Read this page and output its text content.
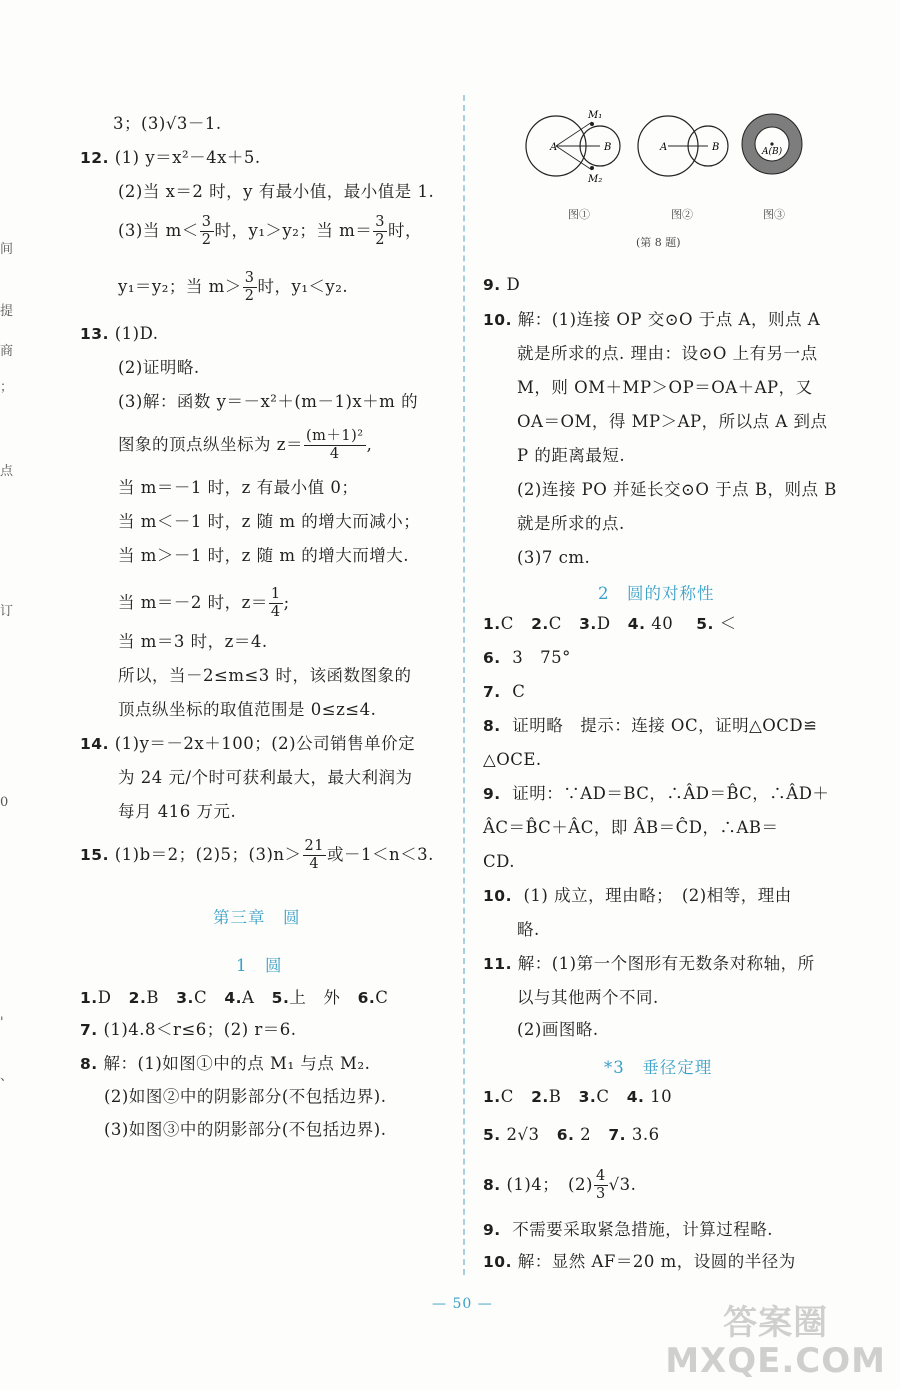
3；(3)√3－1.
12. (1) y＝x²－4x＋5.
(2)当 x＝2 时，y 有最小值，最小值是 1.
(3)当 $m< \frac{3}{2}$ 时，y₁＞y₂；当 $m= \frac{3}{2}$ 时，
y₁＝y₂；当 $m> \frac{3}{2}$ 时，y₁＜y₂.
13. (1)D.
(2)证明略.
(3)解：函数 y＝－x²＋(m－1)x＋m 的
图象的顶点纵坐标为 $z= \frac{\text{(m＋1)²}}{4}$ ,
当 m＝－1 时，z 有最小值 0；
当 m＜－1 时，z 随 m 的增大而减小；
当 m＞－1 时，z 随 m 的增大而增大.
当 m＝－2 时，$z= \frac{1}{4}$ ;
当 m＝3 时，z＝4.
所以，当－2≤m≤3 时，该函数图象的
顶点纵坐标的取值范围是 0≤z≤4.
14. (1)y＝－2x＋100；(2)公司销售单价定
为 24 元/个时可获利最大，最大利润为
每月 416 万元.
15. (1)b＝2；(2)5；$(3)n> \frac{21}{4}$ 或－1＜n＜3.
第三章　圆
1　圆
1.D 2.B 3.C 4.A 5.上　外 6.C
7. (1)4.8＜r≤6；(2) r＝6.
8. 解：(1)如图①中的点 M₁ 与点 M₂.
(2)如图②中的阴影部分(不包括边界).
(3)如图③中的阴影部分(不包括边界).
M₁
M₂
A	B	A	B	A(B)
图①	图②	图③
(第 8 题)
9. D
10. 解：(1)连接 OP 交⊙O 于点 A，则点 A
就是所求的点. 理由：设⊙O 上有另一点
M，则 OM＋MP＞OP＝OA＋AP，又
OA＝OM，得 MP＞AP，所以点 A 到点
P 的距离最短.
(2)连接 PO 并延长交⊙O 于点 B，则点 B
就是所求的点.
(3)7 cm.
2　圆的对称性
1.C 2.C 3.D 4. 40 5. ＜
6. 3　75°
7. C
8. 证明略　提示：连接 OC，证明△OCD≌
△OCE.
9. 证明：∵AD＝BC，∴ÂD＝B̂C，∴ÂD＋
ÂC＝B̂C＋ÂC，即 ÂB＝ĈD，∴AB＝
CD.
10. (1) 成立，理由略；　(2)相等，理由
略.
11. 解：(1)第一个图形有无数条对称轴，所
以与其他两个不同.
(2)画图略.
*3　垂径定理
1.C 2.B 3.C 4. 10
5. 2√3 6. 2 7. 3.6
8. (1)4；　$(2) \frac{4}{3} √3$.
9. 不需要采取紧急措施，计算过程略.
10. 解：显然 AF＝20 m，设圆的半径为
— 50 —
间
提
商
；
点
订
0
'
、
答案圈
MXQE.COM
